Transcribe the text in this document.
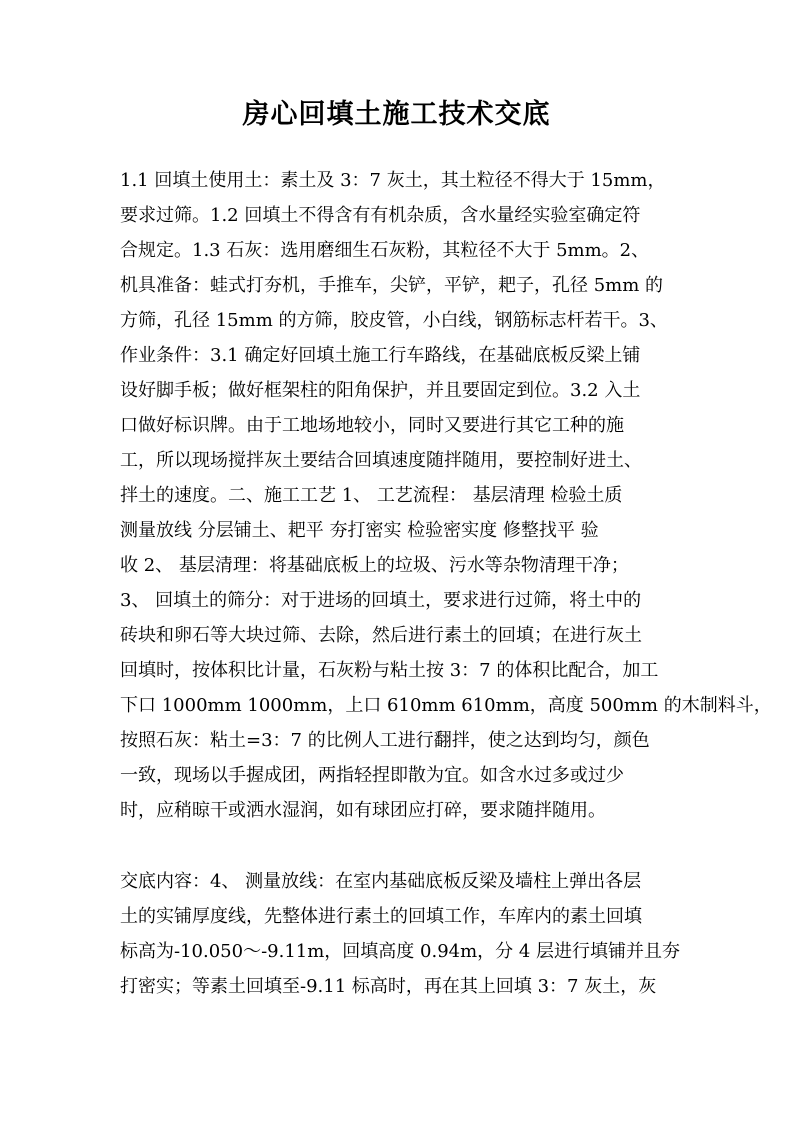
房心回填土施工技术交底
1.1 回填土使用土：素土及 3：7 灰土，其土粒径不得大于 15mm，
要求过筛。1.2 回填土不得含有有机杂质，含水量经实验室确定符
合规定。1.3 石灰：选用磨细生石灰粉，其粒径不大于 5mm。2、
机具准备：蛙式打夯机，手推车，尖铲，平铲，耙子，孔径 5mm 的
方筛，孔径 15mm 的方筛，胶皮管，小白线，钢筋标志杆若干。3、
作业条件：3.1 确定好回填土施工行车路线，在基础底板反梁上铺
设好脚手板；做好框架柱的阳角保护，并且要固定到位。3.2 入土
口做好标识牌。由于工地场地较小，同时又要进行其它工种的施
工，所以现场搅拌灰土要结合回填速度随拌随用，要控制好进土、
拌土的速度。二、施工工艺 1、 工艺流程： 基层清理 检验土质
测量放线 分层铺土、耙平 夯打密实 检验密实度 修整找平 验
收 2、 基层清理：将基础底板上的垃圾、污水等杂物清理干净；
3、 回填土的筛分：对于进场的回填土，要求进行过筛，将土中的
砖块和卵石等大块过筛、去除，然后进行素土的回填；在进行灰土
回填时，按体积比计量，石灰粉与粘土按 3：7 的体积比配合，加工
下口 1000mm 1000mm，上口 610mm 610mm，高度 500mm 的木制料斗，
按照石灰：粘土=3：7 的比例人工进行翻拌，使之达到均匀，颜色
一致，现场以手握成团，两指轻捏即散为宜。如含水过多或过少
时，应稍晾干或洒水湿润，如有球团应打碎，要求随拌随用。
交底内容：4、 测量放线：在室内基础底板反梁及墙柱上弹出各层
土的实铺厚度线，先整体进行素土的回填工作，车库内的素土回填
标高为-10.050～-9.11m，回填高度 0.94m，分 4 层进行填铺并且夯
打密实；等素土回填至-9.11 标高时，再在其上回填 3：7 灰土，灰
